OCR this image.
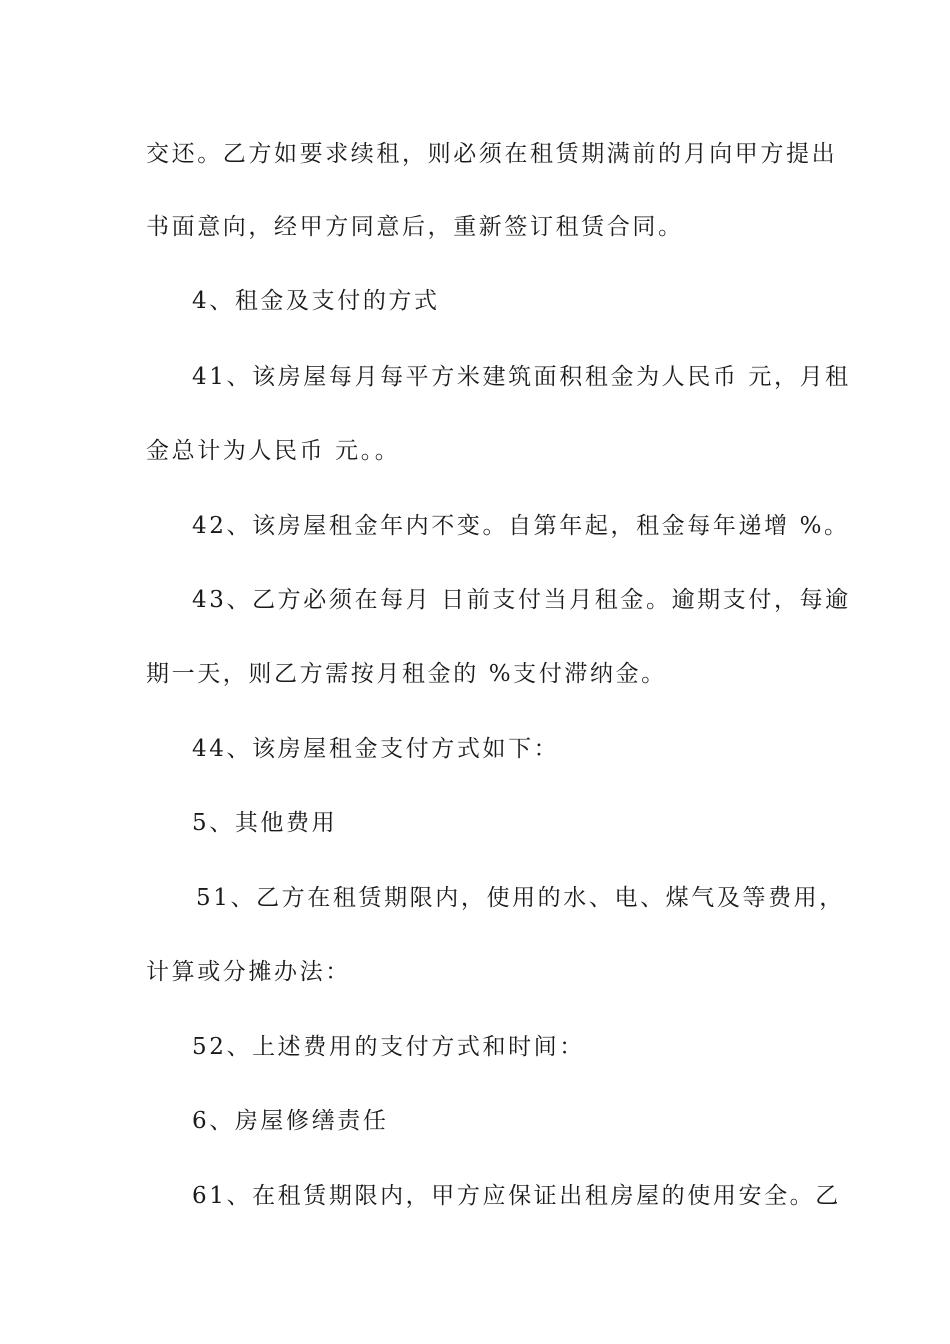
交还。乙方如要求续租，则必须在租赁期满前的月向甲方提出
书面意向，经甲方同意后，重新签订租赁合同。
4、租金及支付的方式
41、该房屋每月每平方米建筑面积租金为人民币 元，月租
金总计为人民币 元。。
42、该房屋租金年内不变。自第年起，租金每年递增 %。
43、乙方必须在每月 日前支付当月租金。逾期支付，每逾
期一天，则乙方需按月租金的 %支付滞纳金。
44、该房屋租金支付方式如下：
5、其他费用
51、乙方在租赁期限内，使用的水、电、煤气及等费用，
计算或分摊办法：
52、上述费用的支付方式和时间：
6、房屋修缮责任
61、在租赁期限内，甲方应保证出租房屋的使用安全。乙
